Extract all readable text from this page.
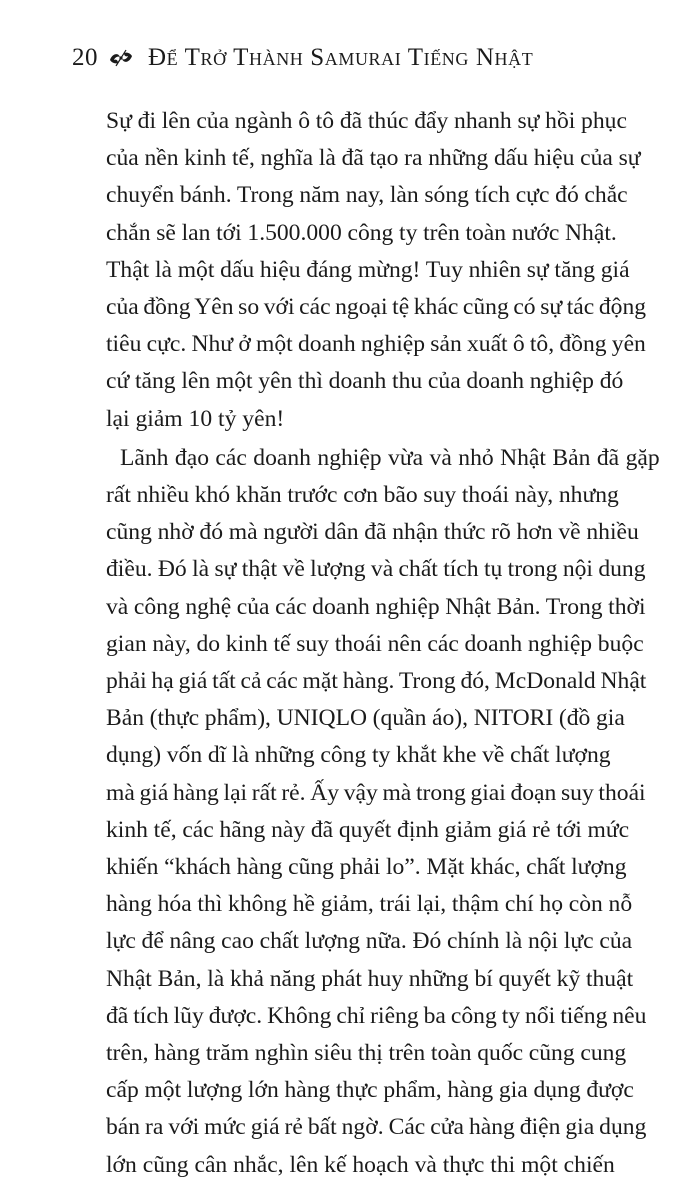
20 Để Trở Thành Samurai Tiếng Nhật
Sự đi lên của ngành ô tô đã thúc đẩy nhanh sự hồi phục
của nền kinh tế, nghĩa là đã tạo ra những dấu hiệu của sự
chuyển bánh. Trong năm nay, làn sóng tích cực đó chắc
chắn sẽ lan tới 1.500.000 công ty trên toàn nước Nhật.
Thật là một dấu hiệu đáng mừng! Tuy nhiên sự tăng giá
của đồng Yên so với các ngoại tệ khác cũng có sự tác động
tiêu cực. Như ở một doanh nghiệp sản xuất ô tô, đồng yên
cứ tăng lên một yên thì doanh thu của doanh nghiệp đó
lại giảm 10 tỷ yên!
Lãnh đạo các doanh nghiệp vừa và nhỏ Nhật Bản đã gặp
rất nhiều khó khăn trước cơn bão suy thoái này, nhưng
cũng nhờ đó mà người dân đã nhận thức rõ hơn về nhiều
điều. Đó là sự thật về lượng và chất tích tụ trong nội dung
và công nghệ của các doanh nghiệp Nhật Bản. Trong thời
gian này, do kinh tế suy thoái nên các doanh nghiệp buộc
phải hạ giá tất cả các mặt hàng. Trong đó, McDonald Nhật
Bản (thực phẩm), UNIQLO (quần áo), NITORI (đồ gia
dụng) vốn dĩ là những công ty khắt khe về chất lượng
mà giá hàng lại rất rẻ. Ấy vậy mà trong giai đoạn suy thoái
kinh tế, các hãng này đã quyết định giảm giá rẻ tới mức
khiến “khách hàng cũng phải lo”. Mặt khác, chất lượng
hàng hóa thì không hề giảm, trái lại, thậm chí họ còn nỗ
lực để nâng cao chất lượng nữa. Đó chính là nội lực của
Nhật Bản, là khả năng phát huy những bí quyết kỹ thuật
đã tích lũy được. Không chỉ riêng ba công ty nổi tiếng nêu
trên, hàng trăm nghìn siêu thị trên toàn quốc cũng cung
cấp một lượng lớn hàng thực phẩm, hàng gia dụng được
bán ra với mức giá rẻ bất ngờ. Các cửa hàng điện gia dụng
lớn cũng cân nhắc, lên kế hoạch và thực thi một chiến
